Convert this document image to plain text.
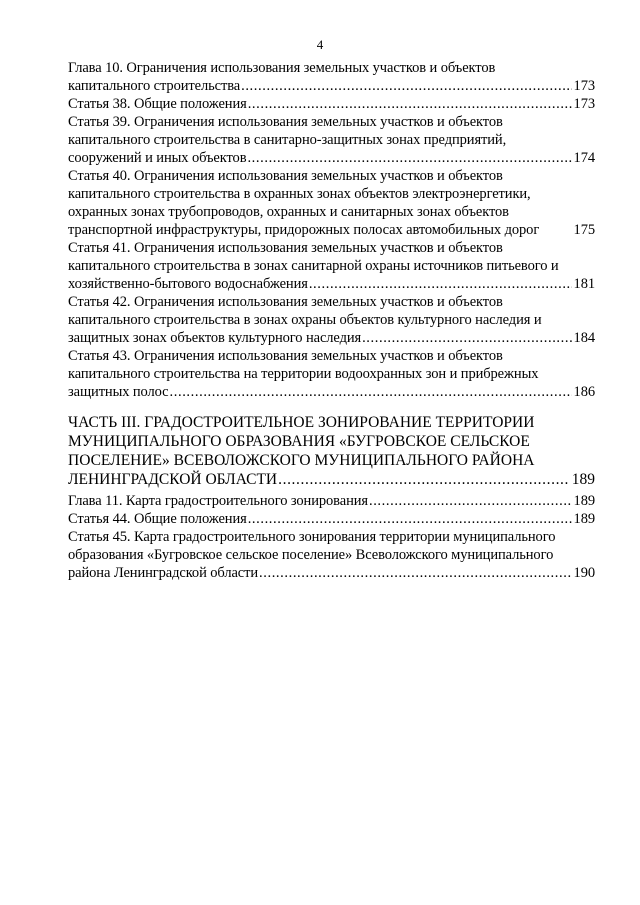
4
Глава 10. Ограничения использования земельных участков и объектов
капитального строительства .....	173
Статья 38. Общие положения .....	173
Статья 39. Ограничения использования земельных участков и объектов
капитального строительства в санитарно-защитных зонах предприятий,
сооружений и иных объектов .....	174
Статья 40. Ограничения использования земельных участков и объектов
капитального строительства в охранных зонах объектов электроэнергетики,
охранных зонах трубопроводов, охранных и санитарных зонах объектов
транспортной инфраструктуры, придорожных полосах автомобильных дорог 175
Статья 41. Ограничения использования земельных участков и объектов
капитального строительства в зонах санитарной охраны источников питьевого и
хозяйственно-бытового водоснабжения .....	181
Статья 42. Ограничения использования земельных участков и объектов
капитального строительства в зонах охраны объектов культурного наследия и
защитных зонах объектов культурного наследия .....	184
Статья 43. Ограничения использования земельных участков и объектов
капитального строительства на территории водоохранных зон и прибрежных
защитных полос .....	186
ЧАСТЬ III. ГРАДОСТРОИТЕЛЬНОЕ ЗОНИРОВАНИЕ ТЕРРИТОРИИ
МУНИЦИПАЛЬНОГО ОБРАЗОВАНИЯ «БУГРОВСКОЕ СЕЛЬСКОЕ
ПОСЕЛЕНИЕ» ВСЕВОЛОЖСКОГО МУНИЦИПАЛЬНОГО РАЙОНА
ЛЕНИНГРАДСКОЙ ОБЛАСТИ .....	189
Глава 11. Карта градостроительного зонирования .....	189
Статья 44. Общие положения .....	189
Статья 45. Карта градостроительного зонирования территории муниципального
образования «Бугровское сельское поселение» Всеволожского муниципального
района Ленинградской области .....	190
